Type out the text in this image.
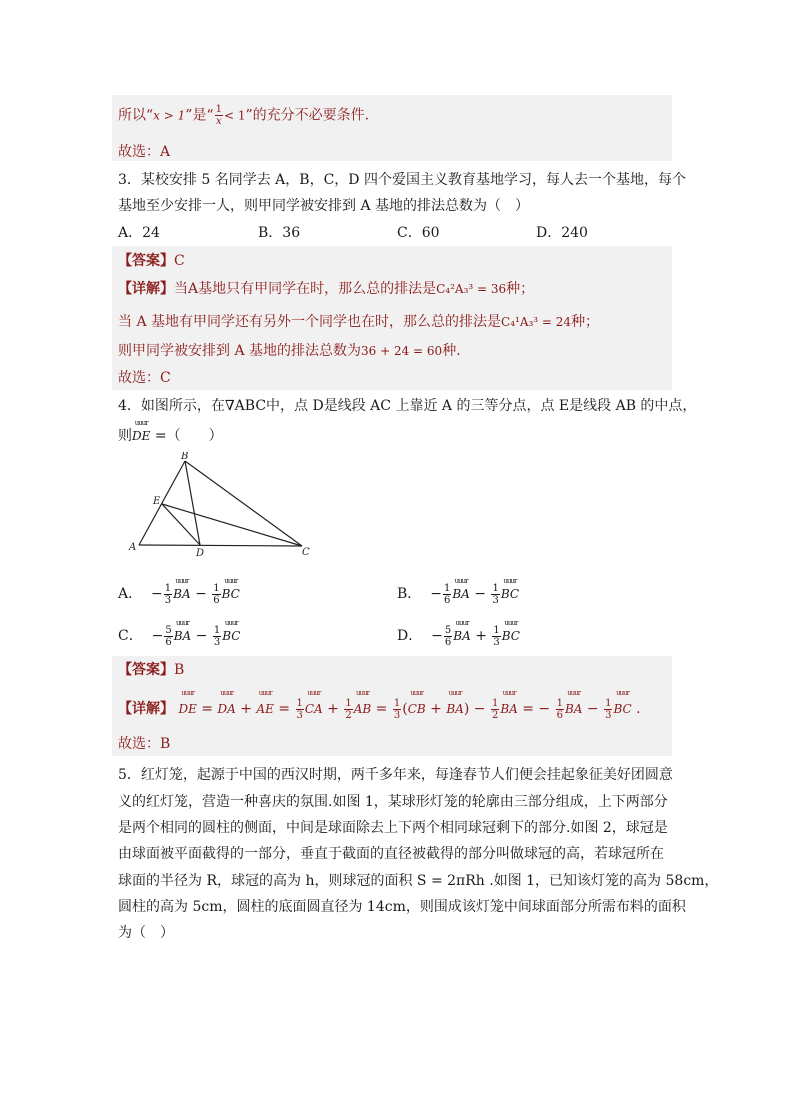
所以“x > 1”是“ $\frac{1}{x} < 1$”的充分不必要条件.
故选：A
3．某校安排 5 名同学去 A，B，C，D 四个爱国主义教育基地学习，每人去一个基地，每个
基地至少安排一人，则甲同学被安排到 A 基地的排法总数为（　）
A．24	B．36	C．60	D．240
【答案】C
【详解】当A基地只有甲同学在时，那么总的排法是C₄²A₃³ = 36种；
当 A 基地有甲同学还有另外一个同学也在时，那么总的排法是C₄¹A₃³ = 24种；
则甲同学被安排到 A 基地的排法总数为36 + 24 = 60种.
故选：C
4．如图所示，在∇ABC中，点 D是线段 AC 上靠近 A 的三等分点，点 E是线段 AB 的中点，
则
uuur
DE =（　　）
A
B
C
D
E
A．  − $\frac{1}{3}$
uuur
BA − $\frac{1}{6}$
uuur
BC	B．  − $\frac{1}{6}$
uuur
BA − $\frac{1}{3}$
uuur
BC
C．  − $\frac{5}{6}$
uuur
BA − $\frac{1}{3}$
uuur
BC	D．  − $\frac{5}{6}$
uuur
BA + $\frac{1}{3}$
uuur
BC
【答案】B
【详解】
uuur
DE =
uuur
DA +
uuur
AE = $\frac{1}{3}$
uuur
CA + $\frac{1}{2}$
uuur
AB = $\frac{1}{3}$ (
uuur
CB +
uuur
$BA) - \frac{1}{2}$
uuur
BA = − $\frac{1}{6}$
uuur
BA − $\frac{1}{3}$
uuur
BC .
故选：B
5．红灯笼，起源于中国的西汉时期，两千多年来，每逢春节人们便会挂起象征美好团圆意
义的红灯笼，营造一种喜庆的氛围.如图 1，某球形灯笼的轮廓由三部分组成，上下两部分
是两个相同的圆柱的侧面，中间是球面除去上下两个相同球冠剩下的部分.如图 2，球冠是
由球面被平面截得的一部分，垂直于截面的直径被截得的部分叫做球冠的高，若球冠所在
球面的半径为 R，球冠的高为 h，则球冠的面积 S = 2πRh .如图 1，已知该灯笼的高为 58cm，
圆柱的高为 5cm，圆柱的底面圆直径为 14cm，则围成该灯笼中间球面部分所需布料的面积
为（　）
